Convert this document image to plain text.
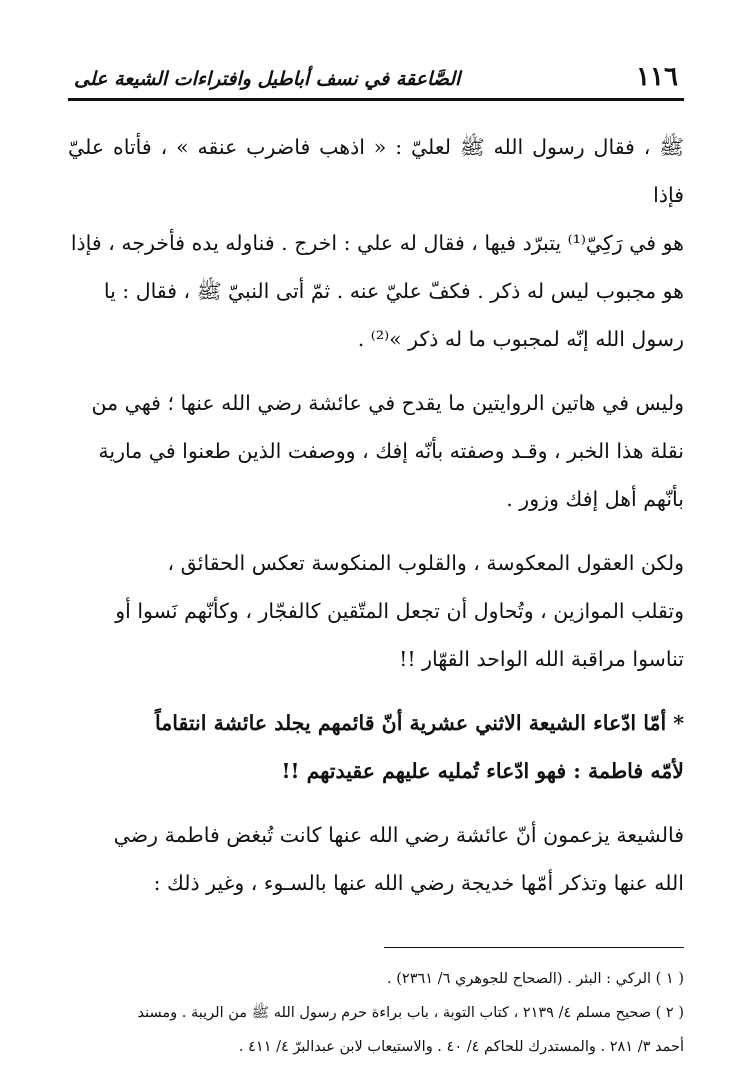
١١٦
الصَّاعقة في نسف أباطيل وافتراءات الشيعة على

ﷺ ، فقال رسول الله ﷺ لعليّ : « اذهب فاضرب عنقه » ، فأتاه عليّ فإذا
هو في رَكِيّ⁽¹⁾ يتبرّد فيها ، فقال له علي : اخرج . فناوله يده فأخرجه ، فإذا
هو مجبوب ليس له ذكر . فكفّ عليّ عنه . ثمّ أتى النبيّ ﷺ ، فقال : يا
رسول الله إنّه لمجبوب ما له ذكر »⁽²⁾ .

وليس في هاتين الروايتين ما يقدح في عائشة رضي الله عنها ؛ فهي من
نقلة هذا الخبر ، وقـد وصفته بأنّه إفك ، ووصفت الذين طعنوا في مارية
بأنّهم أهل إفك وزور .

ولكن العقول المعكوسة ، والقلوب المنكوسة تعكس الحقائق ،
وتقلب الموازين ، وتُحاول أن تجعل المتّقين كالفجّار ، وكأنّهم نَسوا أو
تناسوا مراقبة الله الواحد القهّار !!

* أمّا ادّعاء الشيعة الاثني عشرية أنّ قائمهم يجلد عائشة انتقاماً
لأمّه فاطمة : فهو ادّعاء تُمليه عليهم عقيدتهم !!

فالشيعة يزعمون أنّ عائشة رضي الله عنها كانت تُبغض فاطمة رضي
الله عنها وتذكر أمّها خديجة رضي الله عنها بالسـوء ، وغير ذلك :

( ١ ) الركي : البئر . (الصحاح للجوهري ٦/ ٢٣٦١) .

( ٢ ) صحيح مسلم ٤/ ٢١٣٩ ، كتاب التوبة ، باب براءة حرم رسول الله ﷺ من الريبة . ومسند
أحمد ٣/ ٢٨١ . والمستدرك للحاكم ٤/ ٤٠ . والاستيعاب لابن عبدالبرّ ٤/ ٤١١ .
